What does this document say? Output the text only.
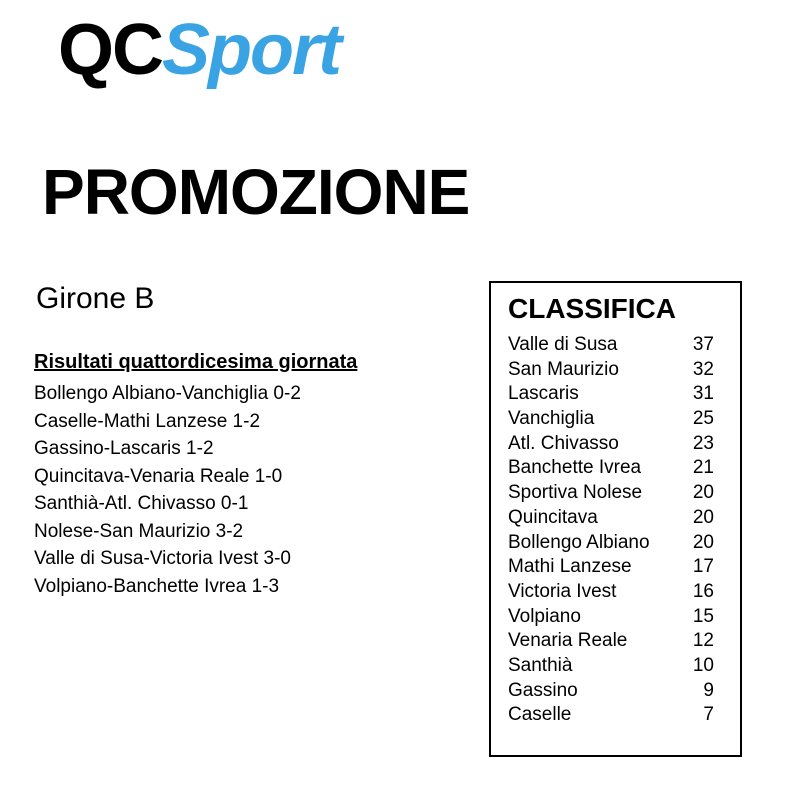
QCSport
PROMOZIONE
Girone B
Risultati quattordicesima giornata
Bollengo Albiano-Vanchiglia 0-2
Caselle-Mathi Lanzese 1-2
Gassino-Lascaris 1-2
Quincitava-Venaria Reale 1-0
Santhià-Atl. Chivasso 0-1
Nolese-San Maurizio 3-2
Valle di Susa-Victoria Ivest 3-0
Volpiano-Banchette Ivrea 1-3
CLASSIFICA
Valle di Susa	37
San Maurizio	32
Lascaris	31
Vanchiglia	25
Atl. Chivasso	23
Banchette Ivrea	21
Sportiva Nolese	20
Quincitava	20
Bollengo Albiano	20
Mathi Lanzese	17
Victoria Ivest	16
Volpiano	15
Venaria Reale	12
Santhià	10
Gassino	9
Caselle	7
